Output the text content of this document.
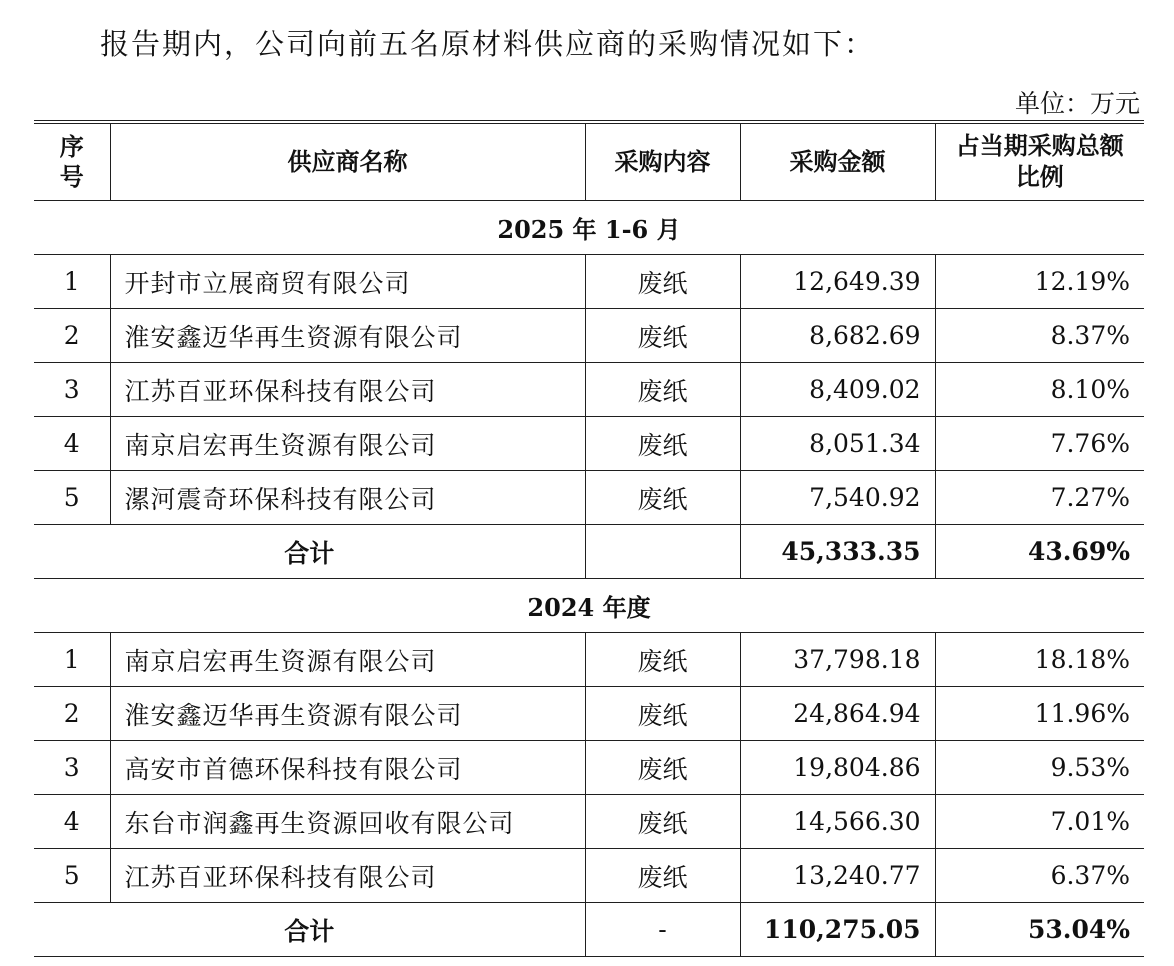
报告期内，公司向前五名原材料供应商的采购情况如下：
单位：万元
序号	供应商名称	采购内容	采购金额	占当期采购总额比例
2025 年 1-6 月				
1	开封市立展商贸有限公司	废纸	12,649.39	12.19%
2	淮安鑫迈华再生资源有限公司	废纸	8,682.69	8.37%
3	江苏百亚环保科技有限公司	废纸	8,409.02	8.10%
4	南京启宏再生资源有限公司	废纸	8,051.34	7.76%
5	漯河震奇环保科技有限公司	废纸	7,540.92	7.27%
合计			45,333.35	43.69%
2024 年度				
1	南京启宏再生资源有限公司	废纸	37,798.18	18.18%
2	淮安鑫迈华再生资源有限公司	废纸	24,864.94	11.96%
3	高安市首德环保科技有限公司	废纸	19,804.86	9.53%
4	东台市润鑫再生资源回收有限公司	废纸	14,566.30	7.01%
5	江苏百亚环保科技有限公司	废纸	13,240.77	6.37%
合计		-	110,275.05	53.04%
